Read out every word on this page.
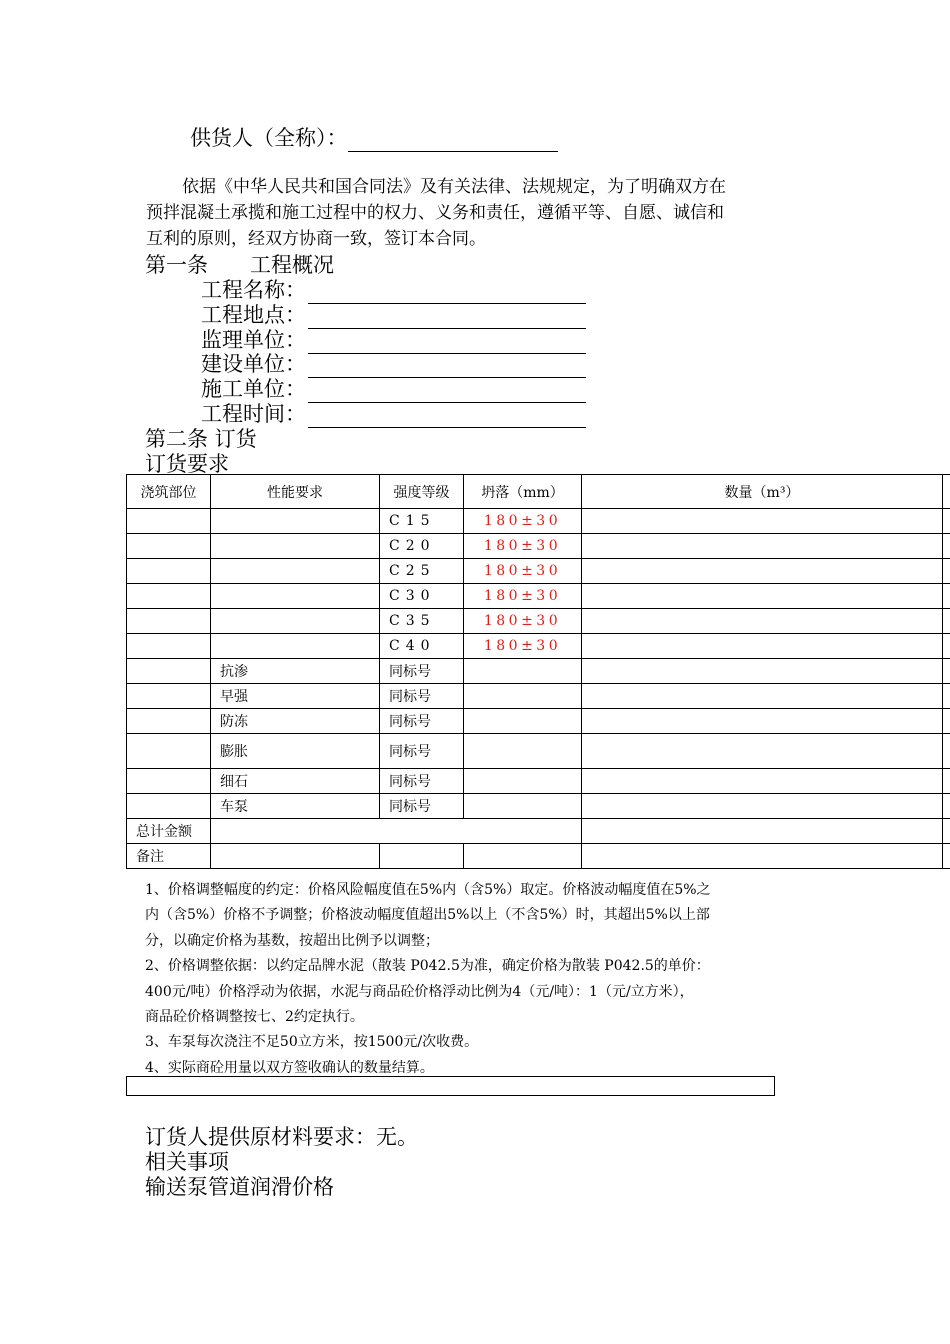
供货人（全称）：

依据《中华人民共和国合同法》及有关法律、法规规定，为了明确双方在

预拌混凝土承揽和施工过程中的权力、义务和责任，遵循平等、自愿、诚信和
互利的原则，经双方协商一致，签订本合同。
第一条　　工程概况
工程名称：
工程地点：
监理单位：
建设单位：
施工单位：
工程时间：
第二条 订货
订货要求
浇筑部位	性能要求	强度等级	坍落（mm）	数量（m³）	
		C15	180±30		
		C20	180±30		
		C25	180±30		
		C30	180±30		
		C35	180±30		
		C40	180±30		
	抗渗	同标号			
	早强	同标号			
	防冻	同标号			
	膨胀	同标号			
	细石	同标号			
	车泵	同标号			
总计金额					
备注					
1、价格调整幅度的约定：价格风险幅度值在5%内（含5%）取定。价格波动幅度值在5%之
内（含5%）价格不予调整；价格波动幅度值超出5%以上（不含5%）时，其超出5%以上部
分，以确定价格为基数，按超出比例予以调整；
2、价格调整依据：以约定品牌水泥（散装 P042.5为准，确定价格为散装 P042.5的单价：
400元/吨）价格浮动为依据，水泥与商品砼价格浮动比例为4（元/吨）：1（元/立方米），
商品砼价格调整按七、2约定执行。
3、车泵每次浇注不足50立方米，按1500元/次收费。
4、实际商砼用量以双方签收确认的数量结算。
订货人提供原材料要求：无。
相关事项
输送泵管道润滑价格
